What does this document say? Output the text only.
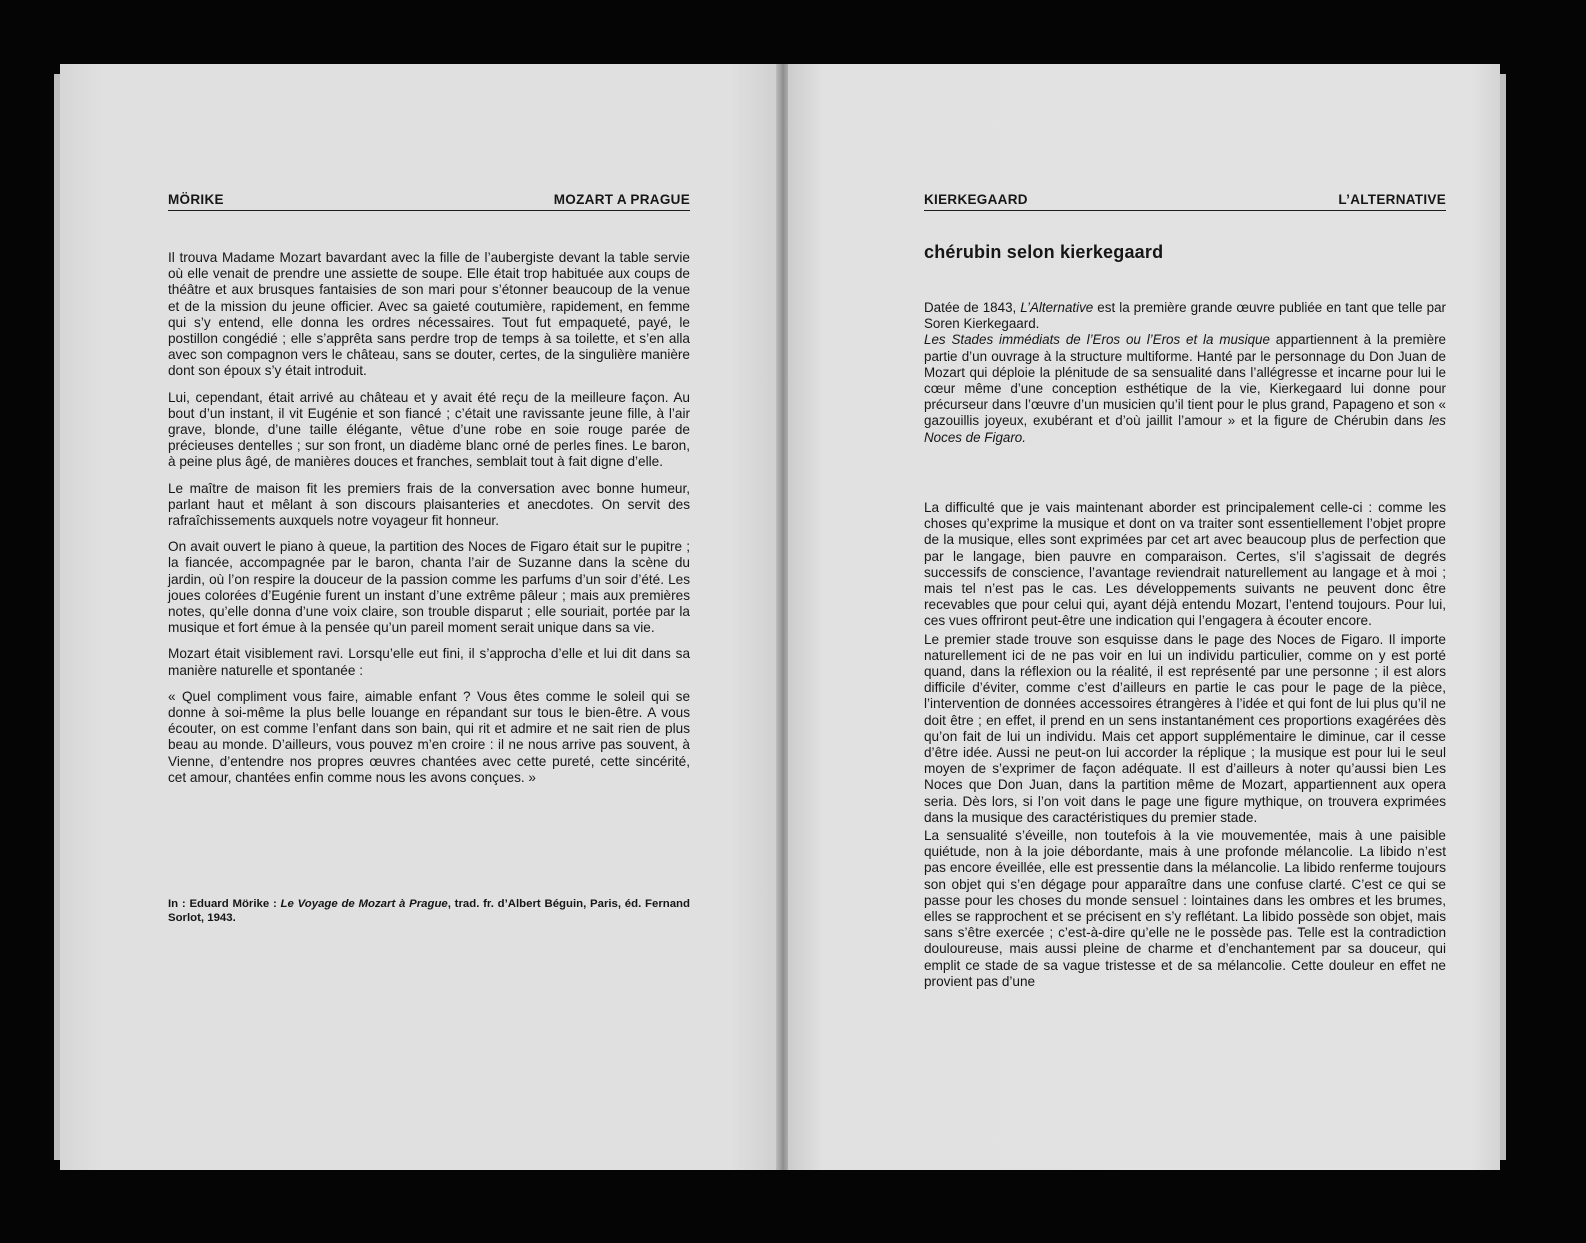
MÖRIKE	MOZART A PRAGUE

Il trouva Madame Mozart bavardant avec la fille de l’aubergiste devant la table servie où elle venait de prendre une assiette de soupe. Elle était trop habituée aux coups de théâtre et aux brusques fantaisies de son mari pour s’étonner beaucoup de la venue et de la mission du jeune officier. Avec sa gaieté coutumière, rapidement, en femme qui s’y entend, elle donna les ordres nécessaires. Tout fut empaqueté, payé, le postillon congédié ; elle s’apprêta sans perdre trop de temps à sa toilette, et s’en alla avec son compagnon vers le château, sans se douter, certes, de la singulière manière dont son époux s’y était introduit.

Lui, cependant, était arrivé au château et y avait été reçu de la meilleure façon. Au bout d’un instant, il vit Eugénie et son fiancé ; c’était une ravissante jeune fille, à l’air grave, blonde, d’une taille élégante, vêtue d’une robe en soie rouge parée de précieuses dentelles ; sur son front, un diadème blanc orné de perles fines. Le baron, à peine plus âgé, de manières douces et franches, semblait tout à fait digne d’elle.

Le maître de maison fit les premiers frais de la conversation avec bonne humeur, parlant haut et mêlant à son discours plaisanteries et anecdotes. On servit des rafraîchissements auxquels notre voyageur fit honneur.

On avait ouvert le piano à queue, la partition des Noces de Figaro était sur le pupitre ; la fiancée, accompagnée par le baron, chanta l’air de Suzanne dans la scène du jardin, où l’on respire la douceur de la passion comme les parfums d’un soir d’été. Les joues colorées d’Eugénie furent un instant d’une extrême pâleur ; mais aux premières notes, qu’elle donna d’une voix claire, son trouble disparut ; elle souriait, portée par la musique et fort émue à la pensée qu’un pareil moment serait unique dans sa vie.

Mozart était visiblement ravi. Lorsqu’elle eut fini, il s’approcha d’elle et lui dit dans sa manière naturelle et spontanée :

« Quel compliment vous faire, aimable enfant ? Vous êtes comme le soleil qui se donne à soi-même la plus belle louange en répandant sur tous le bien-être. A vous écouter, on est comme l’enfant dans son bain, qui rit et admire et ne sait rien de plus beau au monde. D’ailleurs, vous pouvez m’en croire : il ne nous arrive pas souvent, à Vienne, d’entendre nos propres œuvres chantées avec cette pureté, cette sincérité, cet amour, chantées enfin comme nous les avons conçues. »

In : Eduard Mörike : Le Voyage de Mozart à Prague, trad. fr. d’Albert Béguin, Paris, éd. Fernand Sorlot, 1943.
KIERKEGAARD	L’ALTERNATIVE
chérubin selon kierkegaard

Datée de 1843, L’Alternative est la première grande œuvre publiée en tant que telle par Soren Kierkegaard.

Les Stades immédiats de l’Eros ou l’Eros et la musique appartiennent à la première partie d’un ouvrage à la structure multiforme. Hanté par le personnage du Don Juan de Mozart qui déploie la plénitude de sa sensualité dans l’allégresse et incarne pour lui le cœur même d’une conception esthétique de la vie, Kierkegaard lui donne pour précurseur dans l’œuvre d’un musicien qu’il tient pour le plus grand, Papageno et son « gazouillis joyeux, exubérant et d’où jaillit l’amour » et la figure de Chérubin dans les Noces de Figaro.

La difficulté que je vais maintenant aborder est principalement celle-ci : comme les choses qu’exprime la musique et dont on va traiter sont essentiellement l’objet propre de la musique, elles sont exprimées par cet art avec beaucoup plus de perfection que par le langage, bien pauvre en comparaison. Certes, s’il s’agissait de degrés successifs de conscience, l’avantage reviendrait naturellement au langage et à moi ; mais tel n’est pas le cas. Les développements suivants ne peuvent donc être recevables que pour celui qui, ayant déjà entendu Mozart, l’entend toujours. Pour lui, ces vues offriront peut-être une indication qui l’engagera à écouter encore.

Le premier stade trouve son esquisse dans le page des Noces de Figaro. Il importe naturellement ici de ne pas voir en lui un individu particulier, comme on y est porté quand, dans la réflexion ou la réalité, il est représenté par une personne ; il est alors difficile d’éviter, comme c’est d’ailleurs en partie le cas pour le page de la pièce, l’intervention de données accessoires étrangères à l’idée et qui font de lui plus qu’il ne doit être ; en effet, il prend en un sens instantanément ces proportions exagérées dès qu’on fait de lui un individu. Mais cet apport supplémentaire le diminue, car il cesse d’être idée. Aussi ne peut-on lui accorder la réplique ; la musique est pour lui le seul moyen de s’exprimer de façon adéquate. Il est d’ailleurs à noter qu’aussi bien Les Noces que Don Juan, dans la partition même de Mozart, appartiennent aux opera seria. Dès lors, si l’on voit dans le page une figure mythique, on trouvera exprimées dans la musique des caractéristiques du premier stade.

La sensualité s’éveille, non toutefois à la vie mouvementée, mais à une paisible quiétude, non à la joie débordante, mais à une profonde mélancolie. La libido n’est pas encore éveillée, elle est pressentie dans la mélancolie. La libido renferme toujours son objet qui s’en dégage pour apparaître dans une confuse clarté. C’est ce qui se passe pour les choses du monde sensuel : lointaines dans les ombres et les brumes, elles se rapprochent et se précisent en s’y reflétant. La libido possède son objet, mais sans s’être exercée ; c’est-à-dire qu’elle ne le possède pas. Telle est la contradiction douloureuse, mais aussi pleine de charme et d’enchantement par sa douceur, qui emplit ce stade de sa vague tristesse et de sa mélancolie. Cette douleur en effet ne provient pas d’une
